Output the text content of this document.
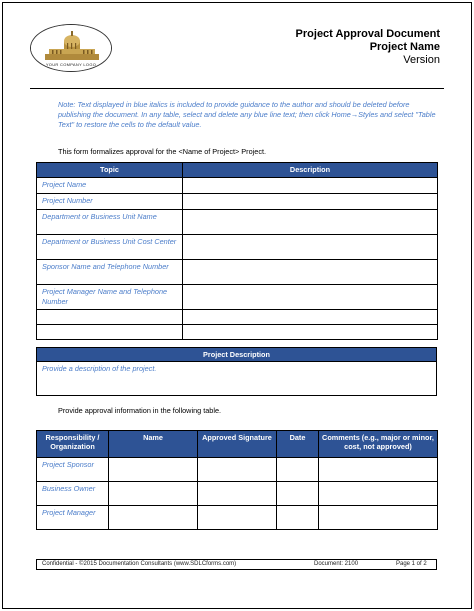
YOUR COMPANY LOGO
Project Approval Document
Project Name
Version
Note: Text displayed in blue italics is included to provide guidance to the author and should be deleted before publishing the document. In any table, select and delete any blue line text; then click Home→Styles and select "Table Text" to restore the cells to the default value.
This form formalizes approval for the <Name of Project> Project.
Topic	Description
Project Name	
Project Number	
Department or Business Unit Name	
Department or Business Unit Cost Center	
Sponsor Name and Telephone Number	
Project Manager Name and Telephone Number	

Project Description
Provide a description of the project.
Provide approval information in the following table.
Responsibility / Organization	Name	Approved Signature	Date	Comments (e.g., major or minor, cost, not approved)
Project Sponsor				
Business Owner				
Project Manager				
Confidential - ©2015 Documentation Consultants (www.SDLCforms.com)	Document: 2100	Page 1 of 2
